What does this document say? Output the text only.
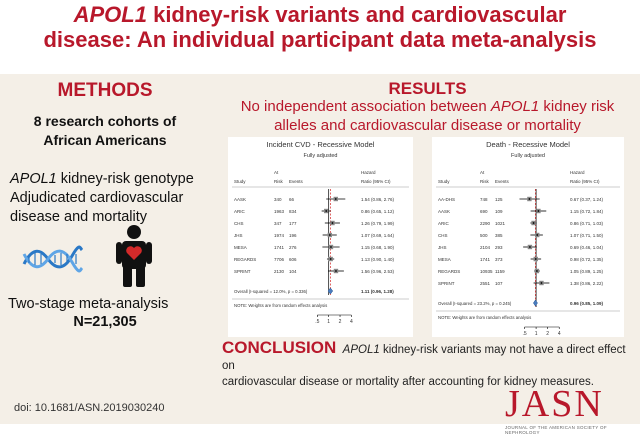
APOL1 kidney-risk variants and cardiovascular
disease: An individual participant data meta-analysis
METHODS
8 research cohorts of
African Americans
APOL1 kidney-risk genotype
Adjudicated cardiovascular
disease and mortality
Two-stage meta-analysis
N=21,305
RESULTS
No independent association between APOL1 kidney risk
alleles and cardiovascular disease or mortality
Incident CVD - Recessive Model
Fully adjusted
At	Hazard
Study	Risk Events	Ratio (95% CI)
AASK	340 66	1.54 (0.86, 2.76)
ARIC	1963 834	0.86 (0.65, 1.12)
CHS	347 177	1.26 (0.79, 1.99)
JHS	1974 196	1.07 (0.69, 1.64)
MESA	1741 276	1.15 (0.68, 1.90)
REGARDS	7706 606	1.13 (0.90, 1.40)
SPRINT	2130 104	1.56 (0.96, 2.53)
Overall (I-squared = 12.0%, p = 0.336)	1.11 (0.96, 1.28)
NOTE: Weights are from random effects analysis
.5 1 2 4
Death - Recessive Model
Fully adjusted
At	Hazard
Study	Risk Events	Ratio (95% CI)
AA-DHS	748 125	0.67 (0.37, 1.24)
AASK	690 109	1.15 (0.72, 1.84)
ARIC	2290 1021	0.86 (0.71, 1.03)
CHS	500 385	1.07 (0.71, 1.50)
JHS	2104 293	0.69 (0.46, 1.04)
MESA	1741 373	0.98 (0.72, 1.35)
REGARDS	10935 1159	1.05 (0.89, 1.25)
SPRINT	2551 107	1.38 (0.86, 2.22)
Overall (I-squared = 23.2%, p = 0.245)	0.96 (0.85, 1.09)
NOTE: Weights are from random effects analysis
.5 1 2 4
CONCLUSION APOL1 kidney-risk variants may not have a direct effect on
cardiovascular disease or mortality after accounting for kidney measures.
doi: 10.1681/ASN.2019030240	JASN
JOURNAL OF THE AMERICAN SOCIETY OF NEPHROLOGY
